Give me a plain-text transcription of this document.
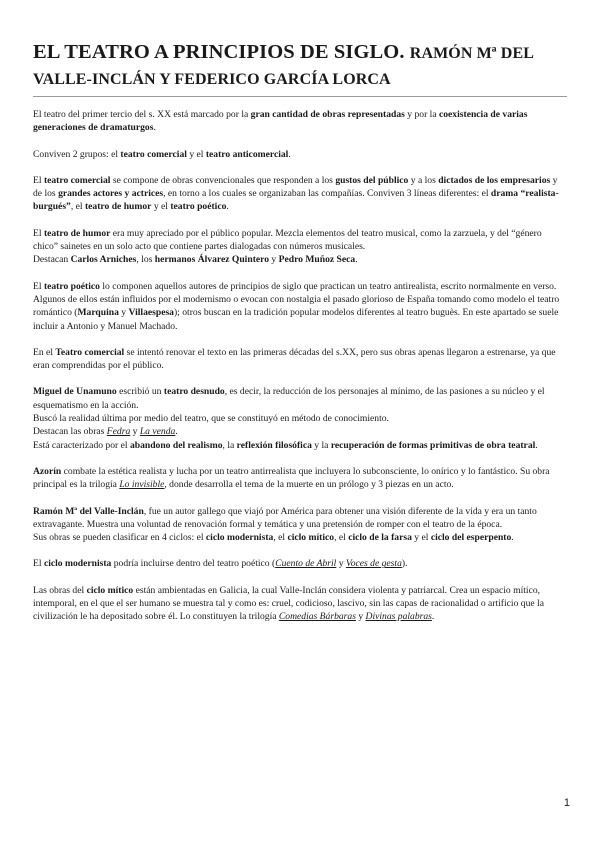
EL TEATRO A PRINCIPIOS DE SIGLO. RAMÓN Mª DEL VALLE-INCLÁN Y FEDERICO GARCÍA LORCA

El teatro del primer tercio del s. XX está marcado por la gran cantidad de obras representadas y por la coexistencia de varias generaciones de dramaturgos.

Conviven 2 grupos: el teatro comercial y el teatro anticomercial.

El teatro comercial se compone de obras convencionales que responden a los gustos del público y a los dictados de los empresarios y de los grandes actores y actrices, en torno a los cuales se organizaban las compañías. Conviven 3 líneas diferentes: el drama “realista-burgués”, el teatro de humor y el teatro poético.

El teatro de humor era muy apreciado por el público popular. Mezcla elementos del teatro musical, como la zarzuela, y del “género chico” sainetes en un solo acto que contiene partes dialogadas con números musicales.
Destacan Carlos Arniches, los hermanos Álvarez Quintero y Pedro Muñoz Seca.

El teatro poético lo componen aquellos autores de principios de siglo que practican un teatro antirealista, escrito normalmente en verso.
Algunos de ellos están influidos por el modernismo o evocan con nostalgia el pasado glorioso de España tomando como modelo el teatro romántico (Marquina y Villaespesa); otros buscan en la tradición popular modelos diferentes al teatro buguès. En este apartado se suele incluir a Antonio y Manuel Machado.

En el Teatro comercial se intentó renovar el texto en las primeras décadas del s.XX, pero sus obras apenas llegaron a estrenarse, ya que eran comprendidas por el público.

Miguel de Unamuno escribió un teatro desnudo, es decir, la reducción de los personajes al mínimo, de las pasiones a su núcleo y el esquematismo en la acción.
Buscó la realidad última por medio del teatro, que se constituyó en método de conocimiento.
Destacan las obras Fedra y La venda.
Está caracterizado por el abandono del realismo, la reflexión filosófica y la recuperación de formas primitivas de obra teatral.

Azorín combate la estética realista y lucha por un teatro antirrealista que incluyera lo subconsciente, lo onírico y lo fantástico. Su obra principal es la trilogía Lo invisible, donde desarrolla el tema de la muerte en un prólogo y 3 piezas en un acto.

Ramón Mª del Valle-Inclán, fue un autor gallego que viajó por América para obtener una visión diferente de la vida y era un tanto extravagante. Muestra una voluntad de renovación formal y temática y una pretensión de romper con el teatro de la época.
Sus obras se pueden clasificar en 4 ciclos: el ciclo modernista, el ciclo mítico, el ciclo de la farsa y el ciclo del esperpento.

El ciclo modernista podría incluirse dentro del teatro poético (Cuento de Abril y Voces de gesta).

Las obras del ciclo mítico están ambientadas en Galicia, la cual Valle-Inclán considera violenta y patriarcal. Crea un espacio mítico, intemporal, en el que el ser humano se muestra tal y como es: cruel, codicioso, lascivo, sin las capas de racionalidad o artificio que la civilización le ha depositado sobre él. Lo constituyen la trilogía Comedias Bárbaras y Divinas palabras.

1
